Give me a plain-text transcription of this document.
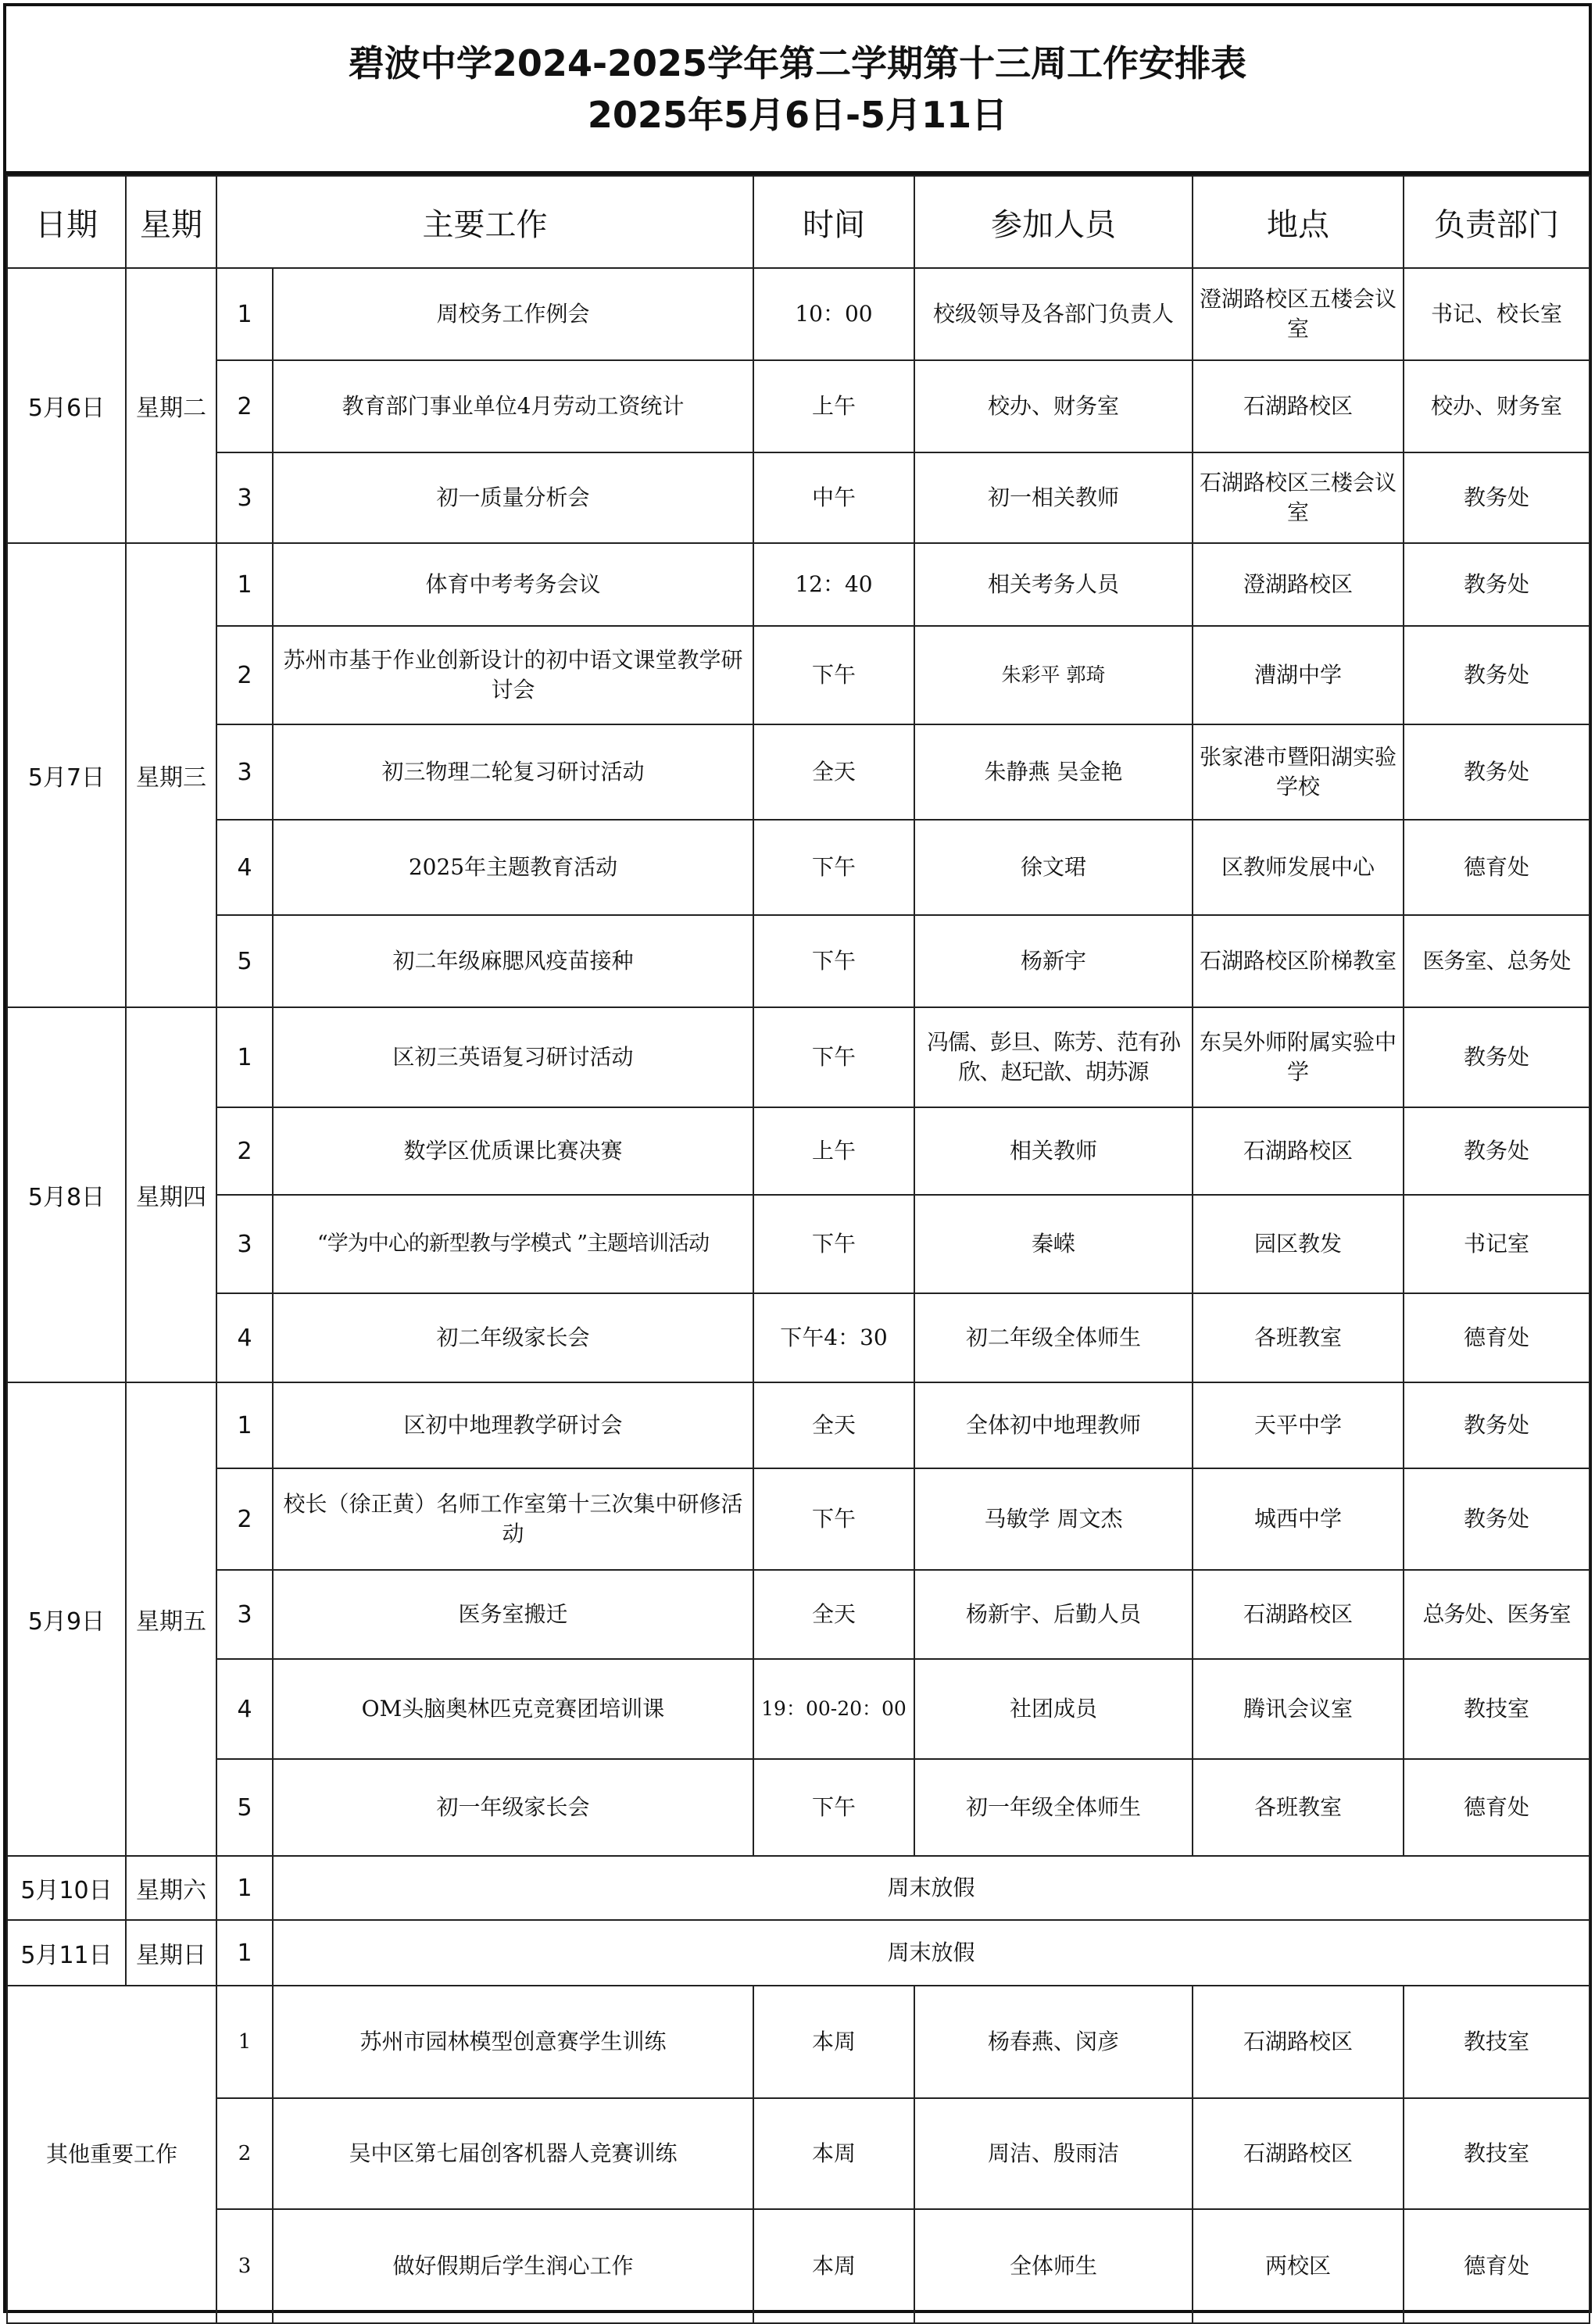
碧波中学2024-2025学年第二学期第十三周工作安排表
2025年5月6日-5月11日
日期	星期	主要工作		时间	参加人员	地点	负责部门
5月6日	星期二	1	周校务工作例会	10：00	校级领导及各部门负责人	澄湖路校区五楼会议室	书记、校长室
		2	教育部门事业单位4月劳动工资统计	上午	校办、财务室	石湖路校区	校办、财务室
		3	初一质量分析会	中午	初一相关教师	石湖路校区三楼会议室	教务处
5月7日	星期三	1	体育中考考务会议	12：40	相关考务人员	澄湖路校区	教务处
		2	苏州市基于作业创新设计的初中语文课堂教学研讨会	下午	朱彩平 郭琦	漕湖中学	教务处
		3	初三物理二轮复习研讨活动	全天	朱静燕 吴金艳	张家港市暨阳湖实验学校	教务处
		4	2025年主题教育活动	下午	徐文珺	区教师发展中心	德育处
		5	初二年级麻腮风疫苗接种	下午	杨新宇	石湖路校区阶梯教室	医务室、总务处
5月8日	星期四	1	区初三英语复习研讨活动	下午	冯儒、彭旦、陈芳、范有孙欣、赵玘歆、胡苏源	东吴外师附属实验中学	教务处
		2	数学区优质课比赛决赛	上午	相关教师	石湖路校区	教务处
		3	“学为中心的新型教与学模式 ”主题培训活动	下午	秦嵘	园区教发	书记室
		4	初二年级家长会	下午4：30	初二年级全体师生	各班教室	德育处
5月9日	星期五	1	区初中地理教学研讨会	全天	全体初中地理教师	天平中学	教务处
		2	校长（徐正黄）名师工作室第十三次集中研修活动	下午	马敏学 周文杰	城西中学	教务处
		3	医务室搬迁	全天	杨新宇、后勤人员	石湖路校区	总务处、医务室
		4	OM头脑奥林匹克竞赛团培训课	19：00-20：00	社团成员	腾讯会议室	教技室
		5	初一年级家长会	下午	初一年级全体师生	各班教室	德育处
5月10日	星期六	1	周末放假				
5月11日	星期日	1	周末放假				
其他重要工作		1	苏州市园林模型创意赛学生训练	本周	杨春燕、闵彦	石湖路校区	教技室
		2	吴中区第七届创客机器人竞赛训练	本周	周洁、殷雨洁	石湖路校区	教技室
		3	做好假期后学生润心工作	本周	全体师生	两校区	德育处
